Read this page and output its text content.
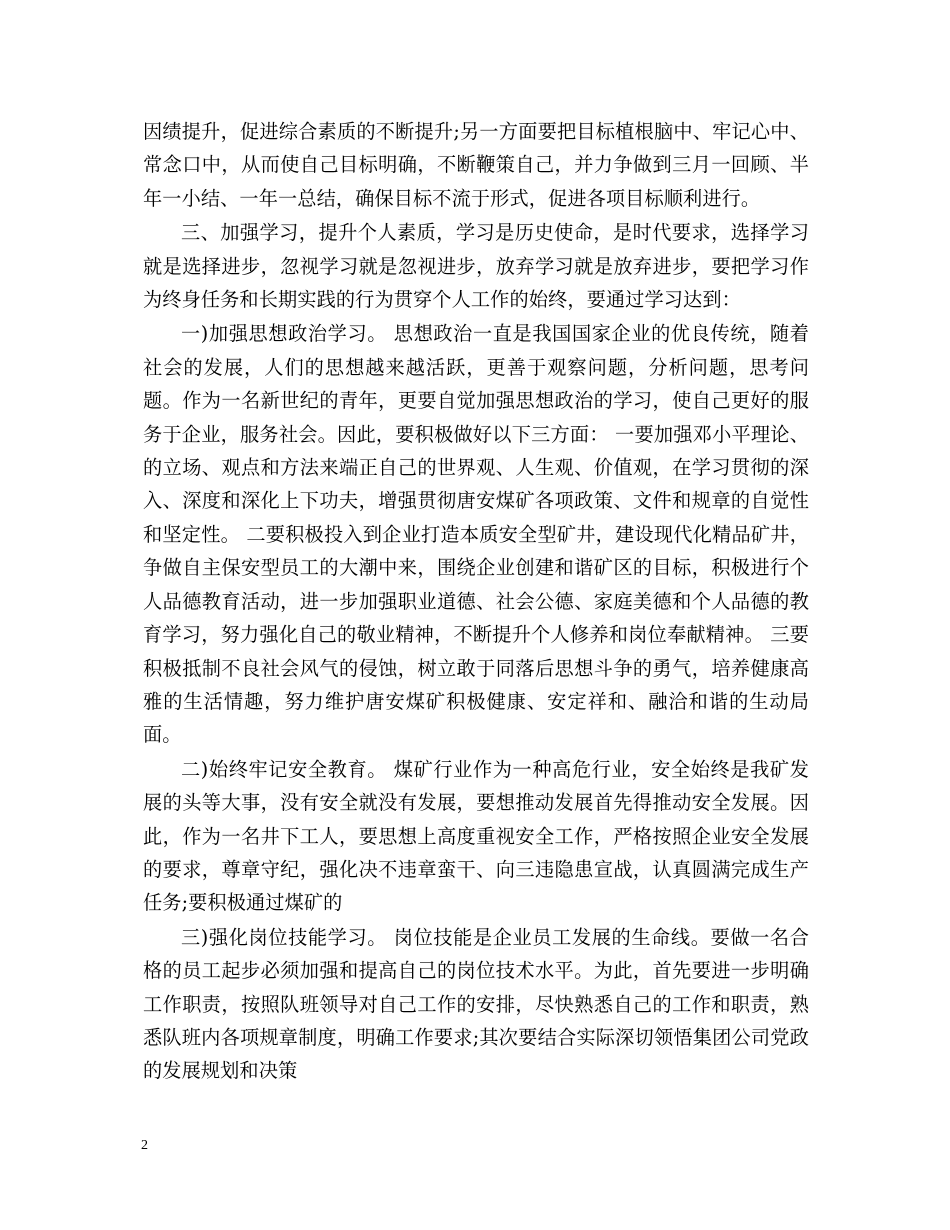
因绩提升，促进综合素质的不断提升;另一方面要把目标植根脑中、牢记心中、常念口中，从而使自己目标明确，不断鞭策自己，并力争做到三月一回顾、半年一小结、一年一总结，确保目标不流于形式，促进各项目标顺利进行。

三、加强学习，提升个人素质，学习是历史使命，是时代要求，选择学习就是选择进步，忽视学习就是忽视进步，放弃学习就是放弃进步，要把学习作为终身任务和长期实践的行为贯穿个人工作的始终，要通过学习达到：

一)加强思想政治学习。 思想政治一直是我国国家企业的优良传统，随着社会的发展，人们的思想越来越活跃，更善于观察问题，分析问题，思考问题。作为一名新世纪的青年，更要自觉加强思想政治的学习，使自己更好的服务于企业，服务社会。因此，要积极做好以下三方面： 一要加强邓小平理论、的立场、观点和方法来端正自己的世界观、人生观、价值观，在学习贯彻的深入、深度和深化上下功夫，增强贯彻唐安煤矿各项政策、文件和规章的自觉性和坚定性。 二要积极投入到企业打造本质安全型矿井，建设现代化精品矿井，争做自主保安型员工的大潮中来，围绕企业创建和谐矿区的目标，积极进行个人品德教育活动，进一步加强职业道德、社会公德、家庭美德和个人品德的教育学习，努力强化自己的敬业精神，不断提升个人修养和岗位奉献精神。 三要积极抵制不良社会风气的侵蚀，树立敢于同落后思想斗争的勇气，培养健康高雅的生活情趣，努力维护唐安煤矿积极健康、安定祥和、融洽和谐的生动局面。

二)始终牢记安全教育。 煤矿行业作为一种高危行业，安全始终是我矿发展的头等大事，没有安全就没有发展，要想推动发展首先得推动安全发展。因此，作为一名井下工人，要思想上高度重视安全工作，严格按照企业安全发展的要求，尊章守纪，强化决不违章蛮干、向三违隐患宣战，认真圆满完成生产任务;要积极通过煤矿的

三)强化岗位技能学习。 岗位技能是企业员工发展的生命线。要做一名合格的员工起步必须加强和提高自己的岗位技术水平。为此，首先要进一步明确工作职责，按照队班领导对自己工作的安排，尽快熟悉自己的工作和职责，熟悉队班内各项规章制度，明确工作要求;其次要结合实际深切领悟集团公司党政的发展规划和决策

2
